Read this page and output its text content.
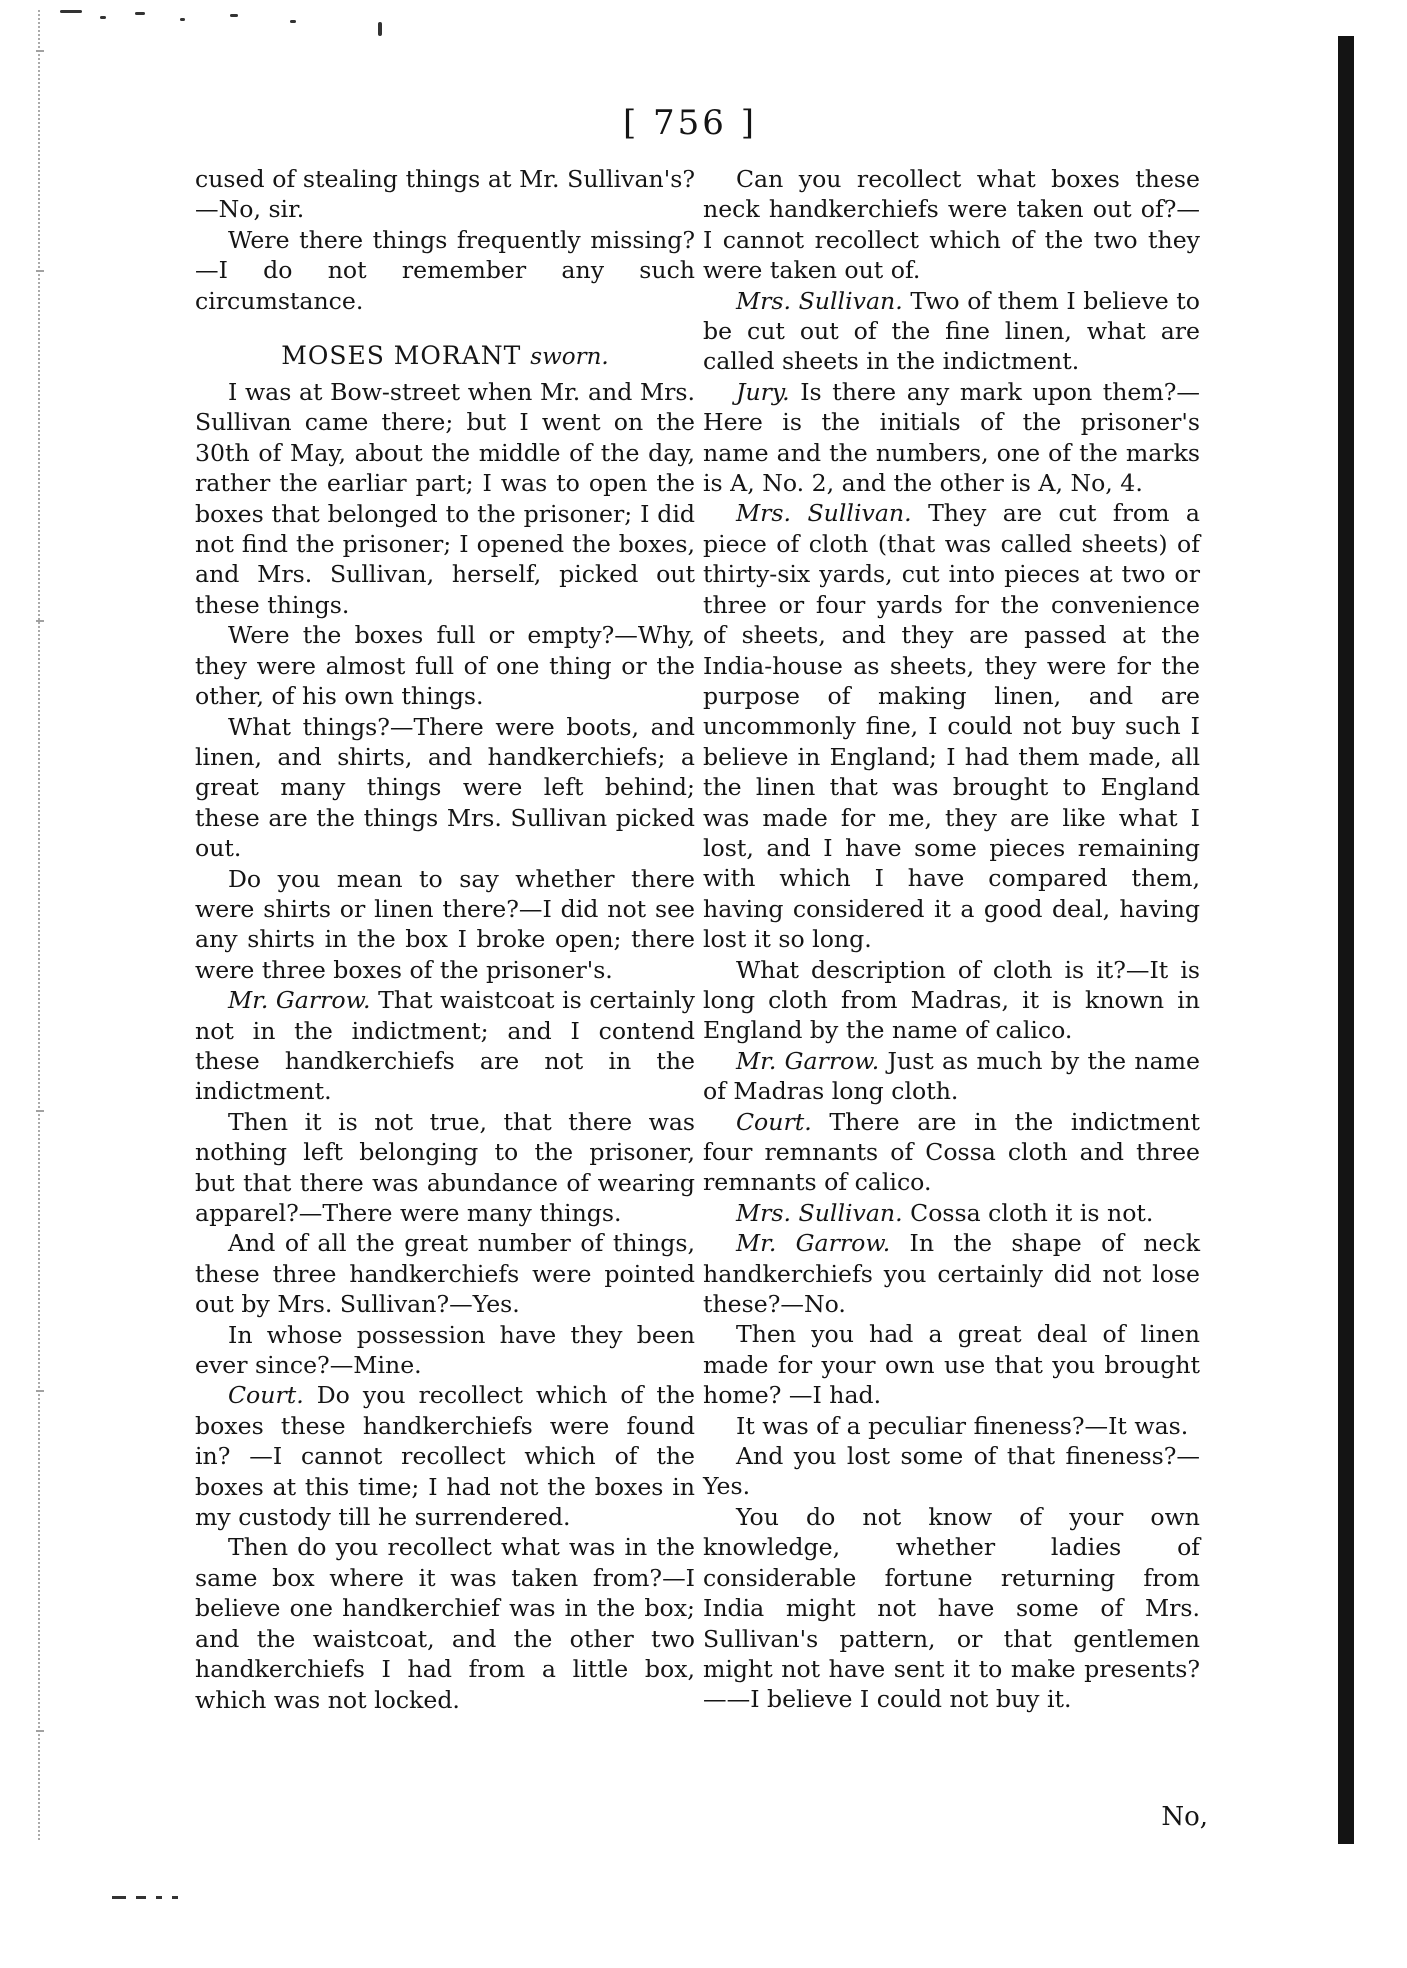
[ 756 ]

cused of stealing things at Mr. Sullivan's? —No, sir.

Were there things frequently missing? —I do not remember any such circumstance.

MOSES MORANT sworn.

I was at Bow-street when Mr. and Mrs. Sullivan came there; but I went on the 30th of May, about the middle of the day, rather the earliar part; I was to open the boxes that belonged to the prisoner; I did not find the prisoner; I opened the boxes, and Mrs. Sullivan, herself, picked out these things.

Were the boxes full or empty?—Why, they were almost full of one thing or the other, of his own things.

What things?—There were boots, and linen, and shirts, and handkerchiefs; a great many things were left behind; these are the things Mrs. Sullivan picked out.

Do you mean to say whether there were shirts or linen there?—I did not see any shirts in the box I broke open; there were three boxes of the prisoner's.

Mr. Garrow. That waistcoat is certainly not in the indictment; and I contend these handkerchiefs are not in the indictment.

Then it is not true, that there was nothing left belonging to the prisoner, but that there was abundance of wearing apparel?—There were many things.

And of all the great number of things, these three handkerchiefs were pointed out by Mrs. Sullivan?—Yes.

In whose possession have they been ever since?—Mine.

Court. Do you recollect which of the boxes these handkerchiefs were found in? —I cannot recollect which of the boxes at this time; I had not the boxes in my custody till he surrendered.

Then do you recollect what was in the same box where it was taken from?—I believe one handkerchief was in the box; and the waistcoat, and the other two handkerchiefs I had from a little box, which was not locked.

Can you recollect what boxes these neck handkerchiefs were taken out of?—I cannot recollect which of the two they were taken out of.

Mrs. Sullivan. Two of them I believe to be cut out of the fine linen, what are called sheets in the indictment.

Jury. Is there any mark upon them?—Here is the initials of the prisoner's name and the numbers, one of the marks is A, No. 2, and the other is A, No, 4.

Mrs. Sullivan. They are cut from a piece of cloth (that was called sheets) of thirty-six yards, cut into pieces at two or three or four yards for the convenience of sheets, and they are passed at the India-house as sheets, they were for the purpose of making linen, and are uncommonly fine, I could not buy such I believe in England; I had them made, all the linen that was brought to England was made for me, they are like what I lost, and I have some pieces remaining with which I have compared them, having considered it a good deal, having lost it so long.

What description of cloth is it?—It is long cloth from Madras, it is known in England by the name of calico.

Mr. Garrow. Just as much by the name of Madras long cloth.

Court. There are in the indictment four remnants of Cossa cloth and three remnants of calico.

Mrs. Sullivan. Cossa cloth it is not.

Mr. Garrow. In the shape of neck handkerchiefs you certainly did not lose these?—No.

Then you had a great deal of linen made for your own use that you brought home? —I had.

It was of a peculiar fineness?—It was.

And you lost some of that fineness?—Yes.

You do not know of your own knowledge, whether ladies of considerable fortune returning from India might not have some of Mrs. Sullivan's pattern, or that gentlemen might not have sent it to make presents?——I believe I could not buy it.

No,
